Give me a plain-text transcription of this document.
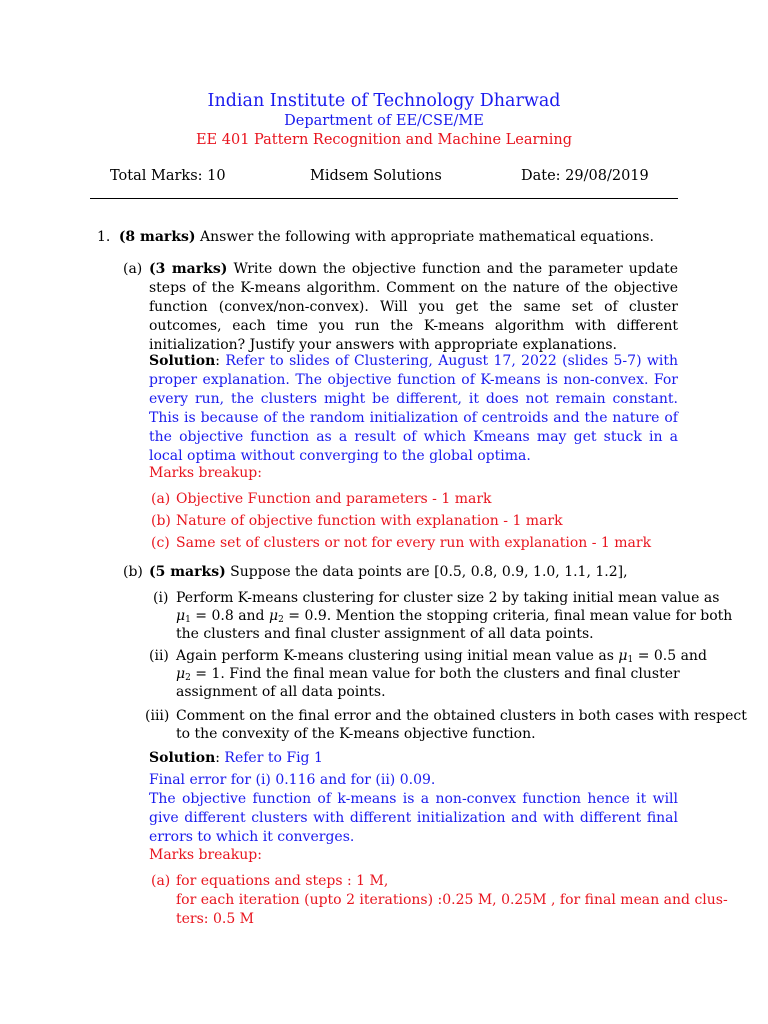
Indian Institute of Technology Dharwad
Department of EE/CSE/ME
EE 401 Pattern Recognition and Machine Learning
Total Marks: 10	Midsem Solutions	Date: 29/08/2019
1. (8 marks) Answer the following with appropriate mathematical equations.
(a) (3 marks) Write down the objective function and the parameter update steps of the K-means algorithm. Comment on the nature of the objective function (convex/non-convex). Will you get the same set of cluster outcomes, each time you run the K-means algorithm with different initialization? Justify your answers with appropriate explanations.
Solution: Refer to slides of Clustering, August 17, 2022 (slides 5-7) with proper explanation. The objective function of K-means is non-convex. For every run, the clusters might be different, it does not remain constant. This is because of the random initialization of centroids and the nature of the objective function as a result of which Kmeans may get stuck in a local optima without converging to the global optima.
Marks breakup:
(a) Objective Function and parameters - 1 mark
(b) Nature of objective function with explanation - 1 mark
(c) Same set of clusters or not for every run with explanation - 1 mark
(b) (5 marks) Suppose the data points are [0.5, 0.8, 0.9, 1.0, 1.1, 1.2],
(i) Perform K-means clustering for cluster size 2 by taking initial mean value as
$\mu_1 = 0.8$ and $\mu_2 = 0.9$. Mention the stopping criteria, final mean value for both
the clusters and final cluster assignment of all data points.
(ii) Again perform K-means clustering using initial mean value as $\mu_1 = 0.5$ and
$\mu_2 = 1$. Find the final mean value for both the clusters and final cluster
assignment of all data points.
(iii) Comment on the final error and the obtained clusters in both cases with respect
to the convexity of the K-means objective function.
Solution: Refer to Fig 1
Final error for (i) 0.116 and for (ii) 0.09.
The objective function of k-means is a non-convex function hence it will give different clusters with different initialization and with different final errors to which it converges.
Marks breakup:
(a) for equations and steps : 1 M,
for each iteration (upto 2 iterations) :0.25 M, 0.25M , for final mean and clus-
ters: 0.5 M
